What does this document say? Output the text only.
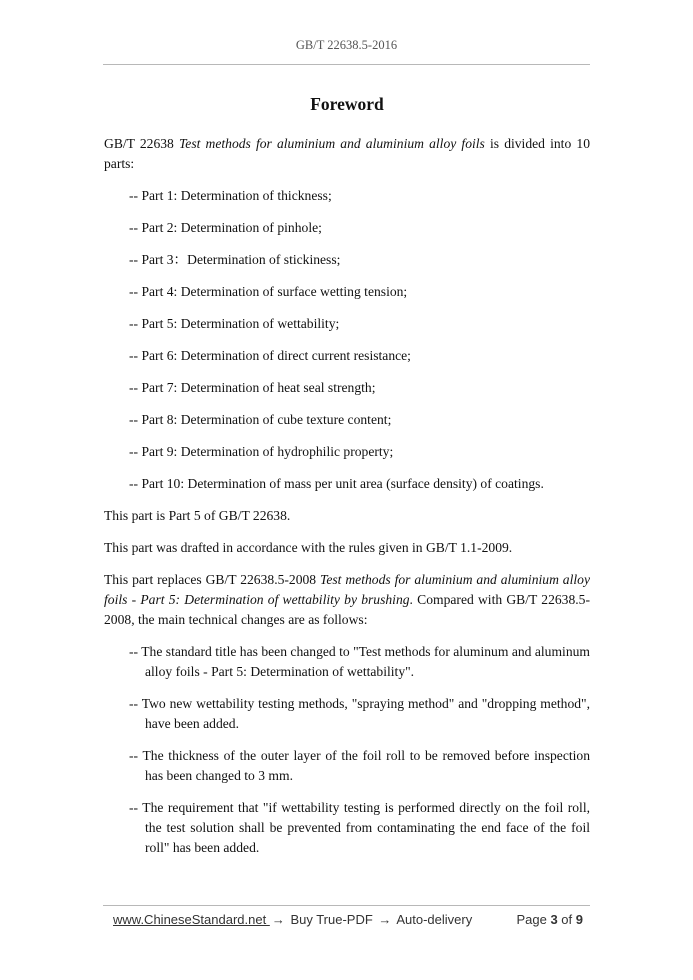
GB/T 22638.5-2016
Foreword

GB/T 22638 Test methods for aluminium and aluminium alloy foils is divided into 10 parts:

-- Part 1: Determination of thickness;
-- Part 2: Determination of pinhole;
-- Part 3：Determination of stickiness;
-- Part 4: Determination of surface wetting tension;
-- Part 5: Determination of wettability;
-- Part 6: Determination of direct current resistance;
-- Part 7: Determination of heat seal strength;
-- Part 8: Determination of cube texture content;
-- Part 9: Determination of hydrophilic property;
-- Part 10: Determination of mass per unit area (surface density) of coatings.

This part is Part 5 of GB/T 22638.

This part was drafted in accordance with the rules given in GB/T 1.1-2009.

This part replaces GB/T 22638.5-2008 Test methods for aluminium and aluminium alloy foils - Part 5: Determination of wettability by brushing. Compared with GB/T 22638.5-2008, the main technical changes are as follows:

-- The standard title has been changed to "Test methods for aluminum and aluminum alloy foils - Part 5: Determination of wettability".
-- Two new wettability testing methods, "spraying method" and "dropping method", have been added.
-- The thickness of the outer layer of the foil roll to be removed before inspection has been changed to 3 mm.
-- The requirement that "if wettability testing is performed directly on the foil roll, the test solution shall be prevented from contaminating the end face of the foil roll" has been added.
www.ChineseStandard.net → Buy True-PDF → Auto-delivery	Page 3 of 9
